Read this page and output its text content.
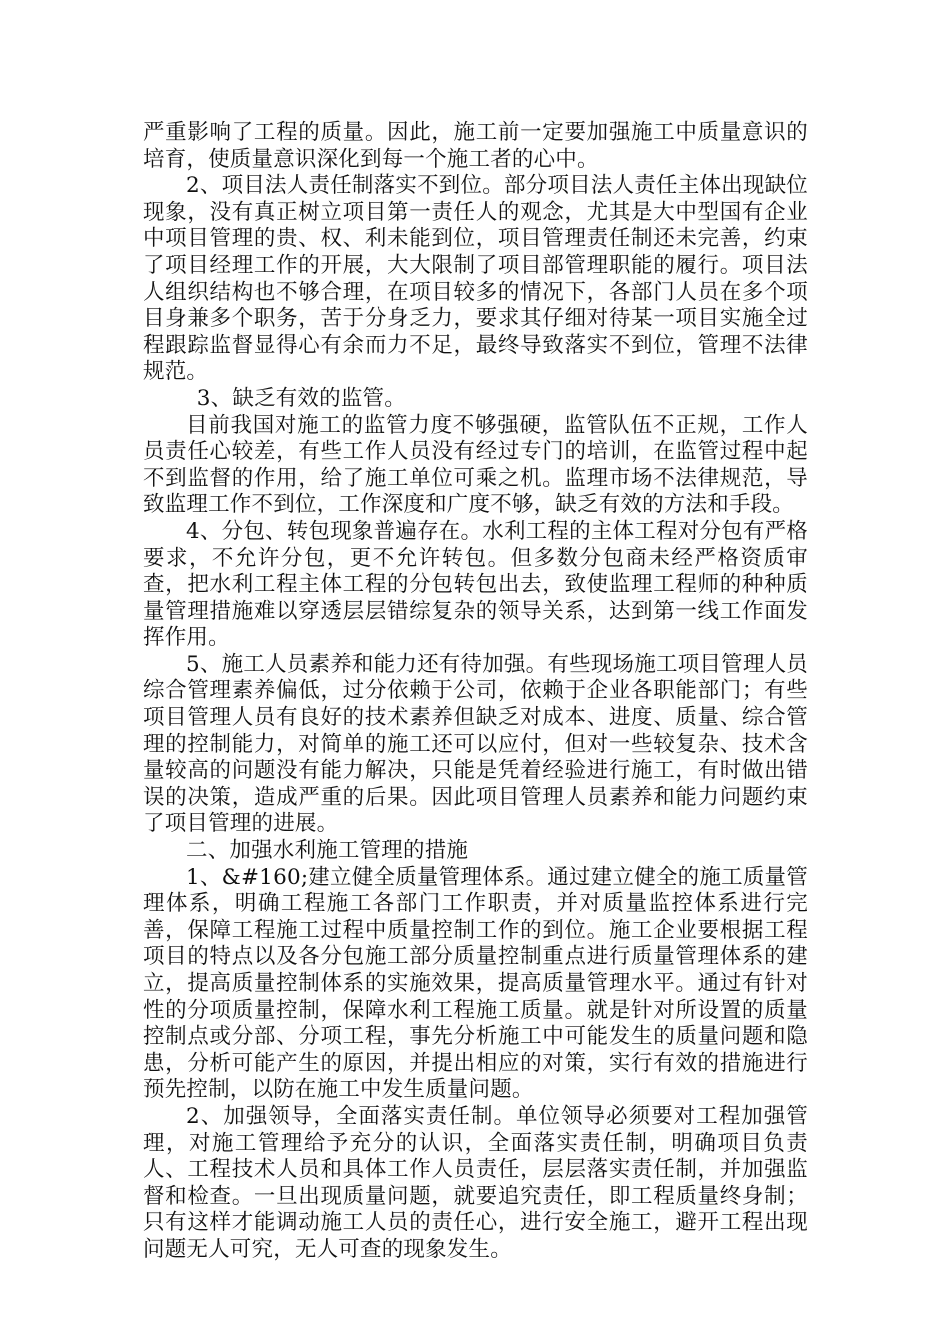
严重影响了工程的质量。因此，施工前一定要加强施工中质量意识的培育，使质量意识深化到每一个施工者的心中。

2、项目法人责任制落实不到位。部分项目法人责任主体出现缺位现象，没有真正树立项目第一责任人的观念，尤其是大中型国有企业中项目管理的贵、权、利未能到位，项目管理责任制还未完善，约束了项目经理工作的开展，大大限制了项目部管理职能的履行。项目法人组织结构也不够合理，在项目较多的情况下，各部门人员在多个项目身兼多个职务，苦于分身乏力，要求其仔细对待某一项目实施全过程跟踪监督显得心有余而力不足，最终导致落实不到位，管理不法律规范。

3、缺乏有效的监管。

目前我国对施工的监管力度不够强硬，监管队伍不正规，工作人员责任心较差，有些工作人员没有经过专门的培训，在监管过程中起不到监督的作用，给了施工单位可乘之机。监理市场不法律规范，导致监理工作不到位，工作深度和广度不够，缺乏有效的方法和手段。

4、分包、转包现象普遍存在。水利工程的主体工程对分包有严格要求，不允许分包，更不允许转包。但多数分包商未经严格资质审查，把水利工程主体工程的分包转包出去，致使监理工程师的种种质量管理措施难以穿透层层错综复杂的领导关系，达到第一线工作面发挥作用。

5、施工人员素养和能力还有待加强。有些现场施工项目管理人员综合管理素养偏低，过分依赖于公司，依赖于企业各职能部门；有些项目管理人员有良好的技术素养但缺乏对成本、进度、质量、综合管理的控制能力，对简单的施工还可以应付，但对一些较复杂、技术含量较高的问题没有能力解决，只能是凭着经验进行施工，有时做出错误的决策，造成严重的后果。因此项目管理人员素养和能力问题约束了项目管理的进展。

二、加强水利施工管理的措施

1、&#160;建立健全质量管理体系。通过建立健全的施工质量管理体系，明确工程施工各部门工作职责，并对质量监控体系进行完善，保障工程施工过程中质量控制工作的到位。施工企业要根据工程项目的特点以及各分包施工部分质量控制重点进行质量管理体系的建立，提高质量控制体系的实施效果，提高质量管理水平。通过有针对性的分项质量控制，保障水利工程施工质量。就是针对所设置的质量控制点或分部、分项工程，事先分析施工中可能发生的质量问题和隐患，分析可能产生的原因，并提出相应的对策，实行有效的措施进行预先控制，以防在施工中发生质量问题。

2、加强领导，全面落实责任制。单位领导必须要对工程加强管理，对施工管理给予充分的认识，全面落实责任制，明确项目负责人、工程技术人员和具体工作人员责任，层层落实责任制，并加强监督和检查。一旦出现质量问题，就要追究责任，即工程质量终身制；只有这样才能调动施工人员的责任心，进行安全施工，避开工程出现问题无人可究，无人可查的现象发生。
